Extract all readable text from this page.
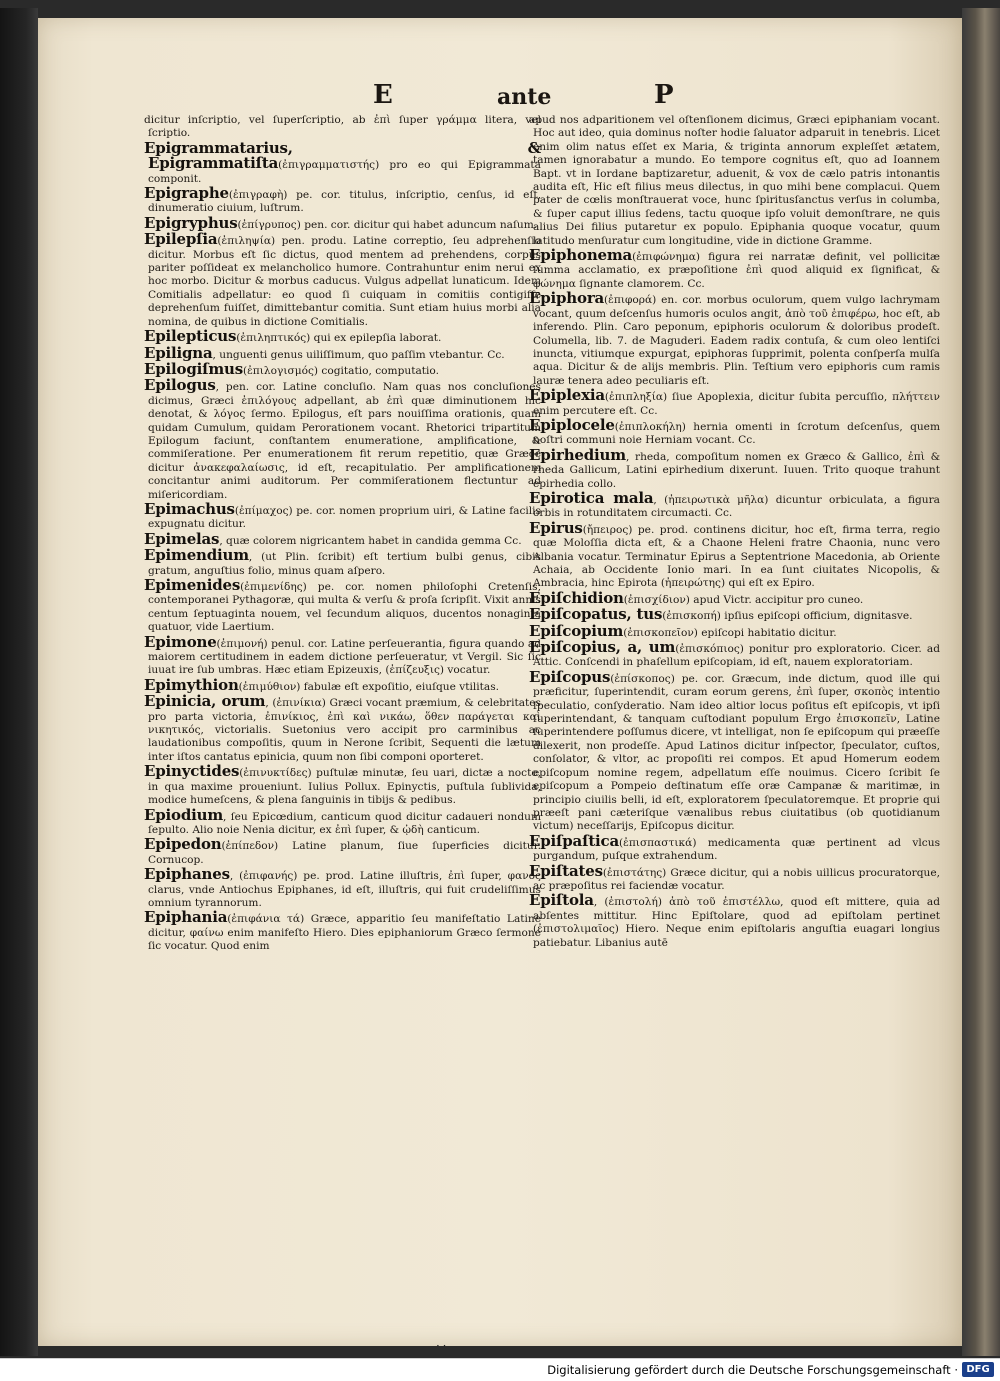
E	ante	P

dicitur inſcriptio, vel ſuperſcriptio, ab ἐπὶ ſuper γράμμα litera, vel ſcriptio.

Epigrammatarius, & Epigrammatiſta(ἐπιγραμματιστής) pro eo qui Epigrammata componit.

Epigraphe(ἐπιγραφὴ) pe. cor. titulus, inſcriptio, cenſus, id eſt, dinumeratio ciuium, luſtrum.

Epigryphus(ἐπίγρυπος) pen. cor. dicitur qui habet aduncum naſum.

Epilepſia(ἐπιληψία) pen. produ. Latine correptio, ſeu adprehenſio dicitur. Morbus eſt ſic dictus, quod mentem ad prehendens, corpus pariter poſſideat ex melancholico humore. Contrahuntur enim nerui ex hoc morbo. Dicitur & morbus caducus. Vulgus adpellat lunaticum. Idem Comitialis adpellatur: eo quod ſi cuiquam in comitiis contigiſſe deprehenſum fuiſſet, dimittebantur comitia. Sunt etiam huius morbi alia nomina, de quibus in dictione Comitialis.

Epilepticus(ἐπιληπτικός) qui ex epilepſia laborat.

Epiligna, unguenti genus uiliſſimum, quo paſſim vtebantur. Cc.

Epilogiſmus(ἐπιλογισμός) cogitatio, computatio.

Epilogus, pen. cor. Latine concluſio. Nam quas nos concluſiones dicimus, Græci ἐπιλόγους adpellant, ab ἐπὶ quæ diminutionem hic denotat, & λόγος ſermo. Epilogus, eſt pars nouiſſima orationis, quam quidam Cumulum, quidam Perorationem vocant. Rhetorici tripartitum Epilogum faciunt, conſtantem enumeratione, amplificatione, & commiſeratione. Per enumerationem fit rerum repetitio, quæ Græce dicitur ἀνακεφαλαίωσις, id eſt, recapitulatio. Per amplificationem concitantur animi auditorum. Per commiſerationem flectuntur ad miſericordiam.

Epimachus(ἐπίμαχος) pe. cor. nomen proprium uiri, & Latine facilis expugnatu dicitur.

Epimelas, quæ colorem nigricantem habet in candida gemma Cc.

Epimendium, (ut Plin. ſcribit) eſt tertium bulbi genus, cibis gratum, anguſtius folio, minus quam aſpero.

Epimenides(ἐπιμενίδης) pe. cor. nomen philoſophi Cretenſis, contemporanei Pythagoræ, qui multa & verſu & proſa ſcripſit. Vixit annis centum ſeptuaginta nouem, vel ſecundum aliquos, ducentos nonaginta quatuor, vide Laertium.

Epimone(ἐπιμονή) penul. cor. Latine perſeuerantia, figura quando ad maiorem certitudinem in eadem dictione perſeueratur, vt Vergil. Sic ſic iuuat ire ſub umbras. Hæc etiam Epizeuxis, (ἐπίζευξις) vocatur.

Epimythion(ἐπιμύθιον) fabulæ eſt expoſitio, eiuſque vtilitas.

Epinicia, orum, (ἐπινίκια) Græci vocant præmium, & celebritates pro parta victoria, ἐπινίκιος, ἐπὶ καὶ νικάω, ὅθεν παράγεται καὶ νικητικός, victorialis. Suetonius vero accipit pro carminibus ac laudationibus compoſitis, quum in Nerone ſcribit, Sequenti die lætum inter iſtos cantatus epinicia, quum non ſibi componi oporteret.

Epinyctides(ἐπινυκτίδες) puſtulæ minutæ, ſeu uari, dictæ a nocte, in qua maxime proueniunt. Iulius Pollux. Epinyctis, puſtula ſublivida, modice humeſcens, & plena ſanguinis in tibijs & pedibus.

Epiodium, ſeu Epicœdium, canticum quod dicitur cadaueri nondum ſepulto. Alio noie Nenia dicitur, ex ἐπὶ ſuper, & ᾠδὴ canticum.

Epipedon(ἐπίπεδον) Latine planum, ſiue ſuperficies dicitur. Cornucop.

Epiphanes, (ἐπιφανής) pe. prod. Latine illuſtris, ἐπὶ ſuper, φανός clarus, vnde Antiochus Epiphanes, id eſt, illuſtris, qui fuit crudeliſſimus omnium tyrannorum.

Epiphania(ἐπιφάνια τά) Græce, apparitio ſeu manifeſtatio Latine dicitur, φαίνω enim manifeſto Hiero. Dies epiphaniorum Græco ſermone ſic vocatur. Quod enim

apud nos adparitionem vel oſtenſionem dicimus, Græci epiphaniam vocant. Hoc aut ideo, quia dominus noſter hodie ſaluator adparuit in tenebris. Licet enim olim natus eſſet ex Maria, & triginta annorum expleſſet ætatem, tamen ignorabatur a mundo. Eo tempore cognitus eſt, quo ad Ioannem Bapt. vt in Iordane baptizaretur, aduenit, & vox de cælo patris intonantis audita eſt, Hic eſt filius meus dilectus, in quo mihi bene complacui. Quem pater de cœlis monſtrauerat voce, hunc ſpiritusſanctus verſus in columba, & ſuper caput illius ſedens, tactu quoque ipſo voluit demonſtrare, ne quis alius Dei filius putaretur ex populo. Epiphania quoque vocatur, quum latitudo menſuratur cum longitudine, vide in dictione Gramme.

Epiphonema(ἐπιφώνημα) figura rei narratæ definit, vel pollicitæ ſumma acclamatio, ex præpoſitione ἐπὶ quod aliquid ex ſignificat, & φώνημα ſignante clamorem. Cc.

Epiphora(ἐπιφορά) en. cor. morbus oculorum, quem vulgo lachrymam vocant, quum deſcenſus humoris oculos angit, ἀπὸ τοῦ ἐπιφέρω, hoc eſt, ab inferendo. Plin. Caro peponum, epiphoris oculorum & doloribus prodeſt. Columella, lib. 7. de Maguderi. Eadem radix contuſa, & cum oleo lentiſci inuncta, vitiumque expurgat, epiphoras ſupprimit, polenta conſperſa mulſa aqua. Dicitur & de alijs membris. Plin. Teſtium vero epiphoris cum ramis lauræ tenera adeo peculiaris eſt.

Epiplexia(ἐπιπληξία) ſiue Apoplexia, dicitur ſubita percuſſio, πλήττειν enim percutere eſt. Cc.

Epiplocele(ἐπιπλοκήλη) hernia omenti in ſcrotum deſcenſus, quem noſtri communi noie Herniam vocant. Cc.

Epirhedium, rheda, compoſitum nomen ex Græco & Gallico, ἐπὶ & rheda Gallicum, Latini epirhedium dixerunt. Iuuen. Trito quoque trahunt epirhedia collo.

Epirotica mala, (ἠπειρωτικὰ μῆλα) dicuntur orbiculata, a figura orbis in rotunditatem circumacti. Cc.

Epirus(ἤπειρος) pe. prod. continens dicitur, hoc eſt, firma terra, regio quæ Moloſſia dicta eſt, & a Chaone Heleni fratre Chaonia, nunc vero Albania vocatur. Terminatur Epirus a Septentrione Macedonia, ab Oriente Achaia, ab Occidente Ionio mari. In ea ſunt ciuitates Nicopolis, & Ambracia, hinc Epirota (ἠπειρώτης) qui eſt ex Epiro.

Epiſchidion(ἐπισχίδιον) apud Victr. accipitur pro cuneo.

Epiſcopatus, tus(ἐπισκοπή) ipſius epiſcopi officium, dignitasve.

Epiſcopium(ἐπισκοπεῖον) epiſcopi habitatio dicitur.

Epiſcopius, a, um(ἐπισκόπιος) ponitur pro exploratorio. Cicer. ad Attic. Conſcendi in phaſellum epiſcopiam, id eſt, nauem exploratoriam.

Epiſcopus(ἐπίσκοπος) pe. cor. Græcum, inde dictum, quod ille qui præficitur, ſuperintendit, curam eorum gerens, ἐπὶ ſuper, σκοπὸς intentio ſpeculatio, conſyderatio. Nam ideo altior locus poſitus eſt epiſcopis, vt ipſi ſuperintendant, & tanquam cuſtodiant populum Ergo ἐπισκοπεῖν, Latine ſuperintendere poſſumus dicere, vt intelligat, non ſe epiſcopum qui præeſſe dilexerit, non prodeſſe. Apud Latinos dicitur inſpector, ſpeculator, cuſtos, conſolator, & vltor, ac propoſiti rei compos. Et apud Homerum eodem epiſcopum nomine regem, adpellatum eſſe nouimus. Cicero ſcribit ſe epiſcopum a Pompeio deſtinatum eſſe oræ Campanæ & maritimæ, in principio ciuilis belli, id eſt, exploratorem ſpeculatoremque. Et proprie qui præeſt pani cæteriſque vænalibus rebus ciuitatibus (ob quotidianum victum) neceſſarijs, Epiſcopus dicitur.

Epiſpaſtica(ἐπισπαστικά) medicamenta quæ pertinent ad vlcus purgandum, puſque extrahendum.

Epiſtates(ἐπιστάτης) Græce dicitur, qui a nobis uillicus procuratorque, ac præpoſitus rei faciendæ vocatur.

Epiſtola, (ἐπιστολή) ἀπὸ τοῦ ἐπιστέλλω, quod eſt mittere, quia ad abſentes mittitur. Hinc Epiſtolare, quod ad epiſtolam pertinet (ἐπιστολιμαῖος) Hiero. Neque enim epiſtolaris anguſtia euagari longius patiebatur. Libanius autē

⠄⠄
Digitalisierung gefördert durch die Deutsche Forschungsgemeinschaft · DFG
